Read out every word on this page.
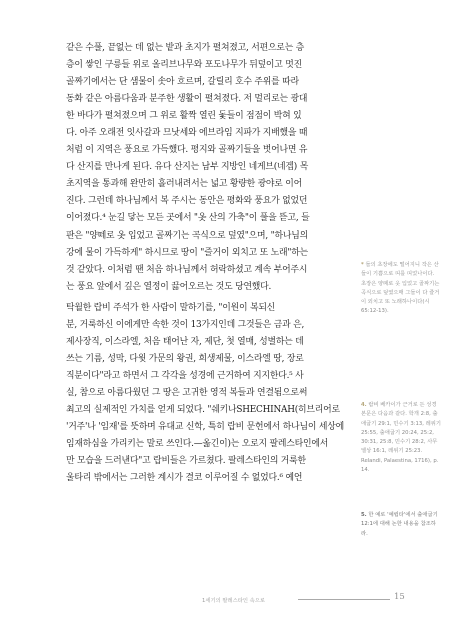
같은 수풀, 끝없는 데 없는 밭과 초지가 펼쳐졌고, 서편으로는 층
층이 쌓인 구릉들 위로 올리브나무와 포도나무가 뒤덮이고 멋진
골짜기에서는 단 샘물이 솟아 흐르며, 갈릴리 호수 주위를 따라
동화 같은 아름다움과 분주한 생활이 펼쳐졌다. 저 멀리로는 광대
한 바다가 펼쳐졌으며 그 위로 활짝 열린 돛들이 점점이 박혀 있
다. 아주 오래전 잇사갈과 므낫세와 에브라임 지파가 지배했을 때
처럼 이 지역은 풍요로 가득했다. 평지와 골짜기들을 벗어나면 유
다 산지를 만나게 된다. 유다 산지는 남부 지방인 네게브(네겝) 목
초지역을 통과해 완만히 흘러내려서는 넓고 황량한 광야로 이어
진다. 그런데 하나님께서 복 주시는 동안은 평화와 풍요가 없었던
이어졌다.⁴ 눈길 닿는 모든 곳에서 "옷 산의 가축"이 풀을 뜯고, 들
판은 "양떼로 옷 입었고 골짜기는 곡식으로 덮였"으며, "하나님의
강에 물이 가득하게" 하시므로 땅이 "즐거이 외치고 또 노래"하는
것 같았다. 이처럼 땐 처음 하나님께서 허락하셨고 계속 부어주시
는 풍요 앞에서 깊은 열정이 끓어오르는 것도 당연했다.

탁월한 랍비 주석가 한 사람이 말하기를, "이원이 복되신
분, 거룩하신 이에게만 속한 것이 13가지인데 그것들은 금과 은,
제사장직, 이스라엘, 처음 태어난 자, 제단, 첫 열매, 성별하는 데
쓰는 기름, 성막, 다윗 가문의 왕권, 희생제물, 이스라엘 땅, 장로
직분이다"라고 하면서 그 각각을 성경에 근거하여 지지한다.⁵ 사
실, 참으로 아름다웠던 그 땅은 고귀한 영적 복들과 연결됨으로써
최고의 실제적인 가치를 얻게 되었다. "쉐키나SHECHINAH(히브리어로
'거주'나 '임재'를 뜻하며 유대교 신학, 특히 랍비 문헌에서 하나님이 세상에
임재하심을 가리키는 말로 쓰인다.—옮긴이)는 오로지 팔레스타인에서
만 모습을 드러낸다"고 랍비들은 가르쳤다. 팔레스타인의 거룩한
울타리 밖에서는 그러한 계시가 결코 이루어질 수 없었다.⁶ 예언

* 들의 초장에도 떨어지니 작은 산들이 기쁨으로 띠를 띠었나이다. 초장은 양떼로 옷 입었고 골짜기는 곡식으로 덮였으매 그들이 다 즐거이 외치고 또 노래하나이다(시 65:12-13).
4. 랍비 베카이가 근거로 든 성경 본문은 다음과 같다. 학개 2:8, 출애굽기 29:1, 민수기 3:13, 레위기 25:55, 출애굽기 20:24, 25:2, 30:31, 25:8, 민수기 28:2, 사무엘상 16:1, 레위기 25:23. Relandi, Palaestina, 1716), p. 14.
5. 한 예로 '예립타'에서 출애굽기 12:1에 대해 논한 내용을 참조하라.
1세기의 팔레스타인 속으로	15
